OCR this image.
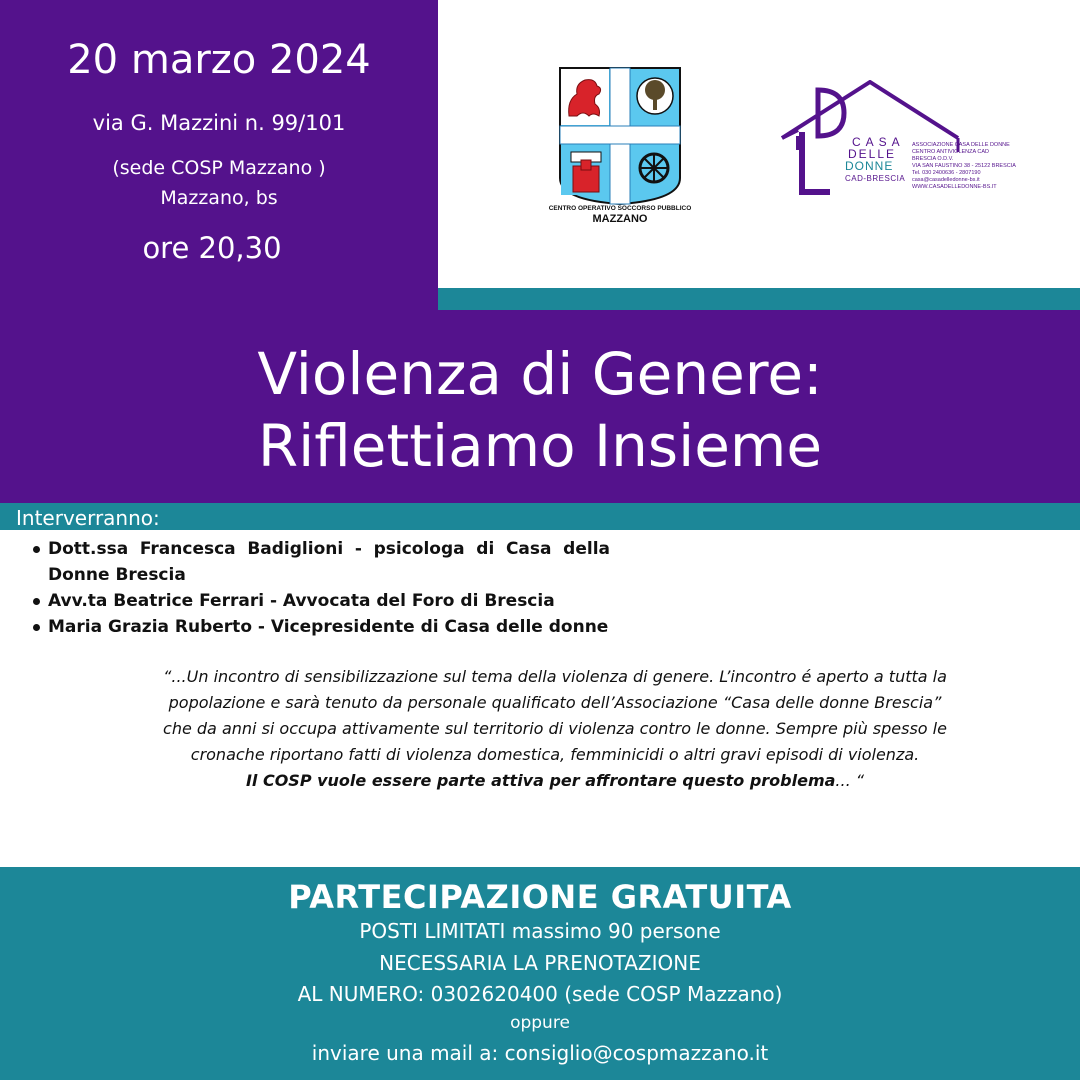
20 marzo 2024
via G. Mazzini n. 99/101
(sede COSP Mazzano )
Mazzano, bs
ore 20,30
CENTRO OPERATIVO SOCCORSO PUBBLICO
MAZZANO
CASA
DELLE
DONNE
CAD-BRESCIA
ASSOCIAZIONE CASA DELLE DONNE
CENTRO ANTIVIOLENZA CAD
BRESCIA O.D.V.
VIA SAN FAUSTINO 38 - 25122 BRESCIA
Tel. 030 2400636 - 2807190
casa@casadelledonne-bs.it
WWW.CASADELLEDONNE-BS.IT
Violenza di Genere:
Riflettiamo Insieme
Interverranno:
Dott.ssa Francesca Badiglioni - psicologa di Casa della Donne Brescia
Avv.ta Beatrice Ferrari - Avvocata del Foro di Brescia
Maria Grazia Ruberto - Vicepresidente di Casa delle donne
“...Un incontro di sensibilizzazione sul tema della violenza di genere. L’incontro é aperto a tutta la popolazione e sarà tenuto da personale qualificato dell’Associazione “Casa delle donne Brescia” che da anni si occupa attivamente sul territorio di violenza contro le donne. Sempre più spesso le cronache riportano fatti di violenza domestica, femminicidi o altri gravi episodi di violenza.
Il COSP vuole essere parte attiva per affrontare questo problema... “
PARTECIPAZIONE GRATUITA
POSTI LIMITATI massimo 90 persone
NECESSARIA LA PRENOTAZIONE
AL NUMERO: 0302620400 (sede COSP Mazzano)
oppure
inviare una mail a: consiglio@cospmazzano.it
